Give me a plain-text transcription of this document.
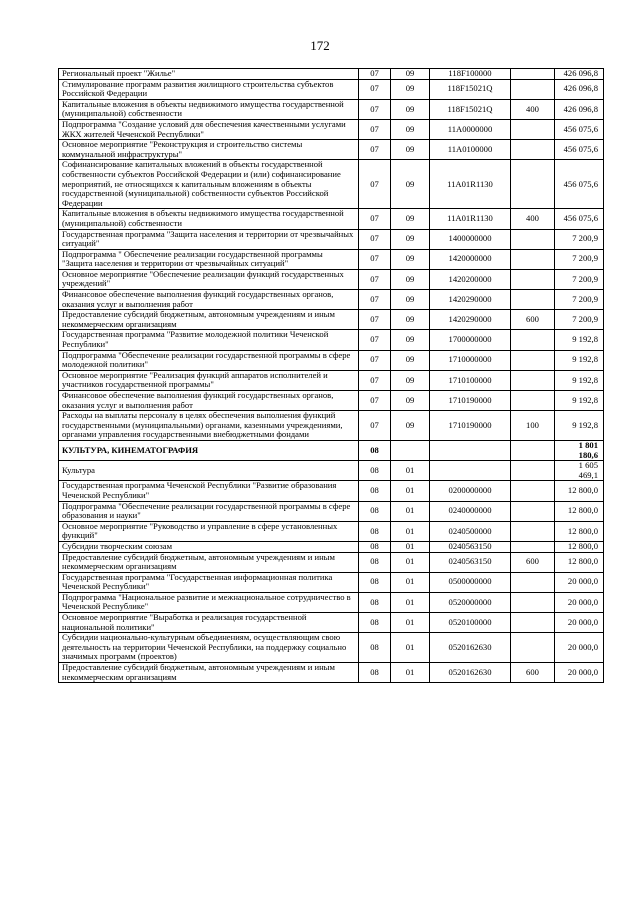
172
Региональный проект "Жилье"	07	09	118F100000		426 096,8
Стимулирование программ развития жилищного строительства субъектов Российской Федерации	07	09	118F15021Q		426 096,8
Капитальные вложения в объекты недвижимого имущества государственной (муниципальной) собственности	07	09	118F15021Q	400	426 096,8
Подпрограмма "Создание условий для обеспечения качественными услугами ЖКХ жителей Чеченской Республики"	07	09	11A0000000		456 075,6
Основное мероприятие "Реконструкция и строительство системы коммунальной инфраструктуры"	07	09	11A0100000		456 075,6
Софинансирование капитальных вложений в объекты государственной собственности субъектов Российской Федерации и (или) софинансирование мероприятий, не относящихся к капитальным вложениям в объекты государственной (муниципальной) собственности субъектов Российской Федерации	07	09	11A01R1130		456 075,6
Капитальные вложения в объекты недвижимого имущества государственной (муниципальной) собственности	07	09	11A01R1130	400	456 075,6
Государственная программа "Защита населения и территории от чрезвычайных ситуаций"	07	09	1400000000		7 200,9
Подпрограмма " Обеспечение реализации государственной программы "Защита населения и территории от чрезвычайных ситуаций"	07	09	1420000000		7 200,9
Основное мероприятие "Обеспечение реализации функций государственных учреждений"	07	09	1420200000		7 200,9
Финансовое обеспечение выполнения функций государственных органов, оказания услуг и выполнения работ	07	09	1420290000		7 200,9
Предоставление субсидий бюджетным, автономным учреждениям и иным некоммерческим организациям	07	09	1420290000	600	7 200,9
Государственная программа "Развитие молодежной политики Чеченской Республики"	07	09	1700000000		9 192,8
Подпрограмма "Обеспечение реализации государственной программы в сфере молодежной политики"	07	09	1710000000		9 192,8
Основное мероприятие "Реализация функций аппаратов исполнителей и участников государственной программы"	07	09	1710100000		9 192,8
Финансовое обеспечение выполнения функций государственных органов, оказания услуг и выполнения работ	07	09	1710190000		9 192,8
Расходы на выплаты персоналу в целях обеспечения выполнения функций государственными (муниципальными) органами, казенными учреждениями, органами управления государственными внебюджетными фондами	07	09	1710190000	100	9 192,8
КУЛЬТУРА, КИНЕМАТОГРАФИЯ	08				1 801 180,6
Культура	08	01			1 605 469,1
Государственная программа Чеченской Республики "Развитие образования Чеченской Республики"	08	01	0200000000		12 800,0
Подпрограмма "Обеспечение реализации государственной программы в сфере образования и науки"	08	01	0240000000		12 800,0
Основное мероприятие "Руководство и управление в сфере установленных функций"	08	01	0240500000		12 800,0
Субсидии творческим союзам	08	01	0240563150		12 800,0
Предоставление субсидий бюджетным, автономным учреждениям и иным некоммерческим организациям	08	01	0240563150	600	12 800,0
Государственная программа "Государственная информационная политика Чеченской Республики"	08	01	0500000000		20 000,0
Подпрограмма "Национальное развитие и межнациональное сотрудничество в Чеченской Республике"	08	01	0520000000		20 000,0
Основное мероприятие "Выработка и реализация государственной национальной политики"	08	01	0520100000		20 000,0
Субсидии национально-культурным объединениям, осуществляющим свою деятельность на территории Чеченской Республики, на поддержку социально значимых программ (проектов)	08	01	0520162630		20 000,0
Предоставление субсидий бюджетным, автономным учреждениям и иным некоммерческим организациям	08	01	0520162630	600	20 000,0
